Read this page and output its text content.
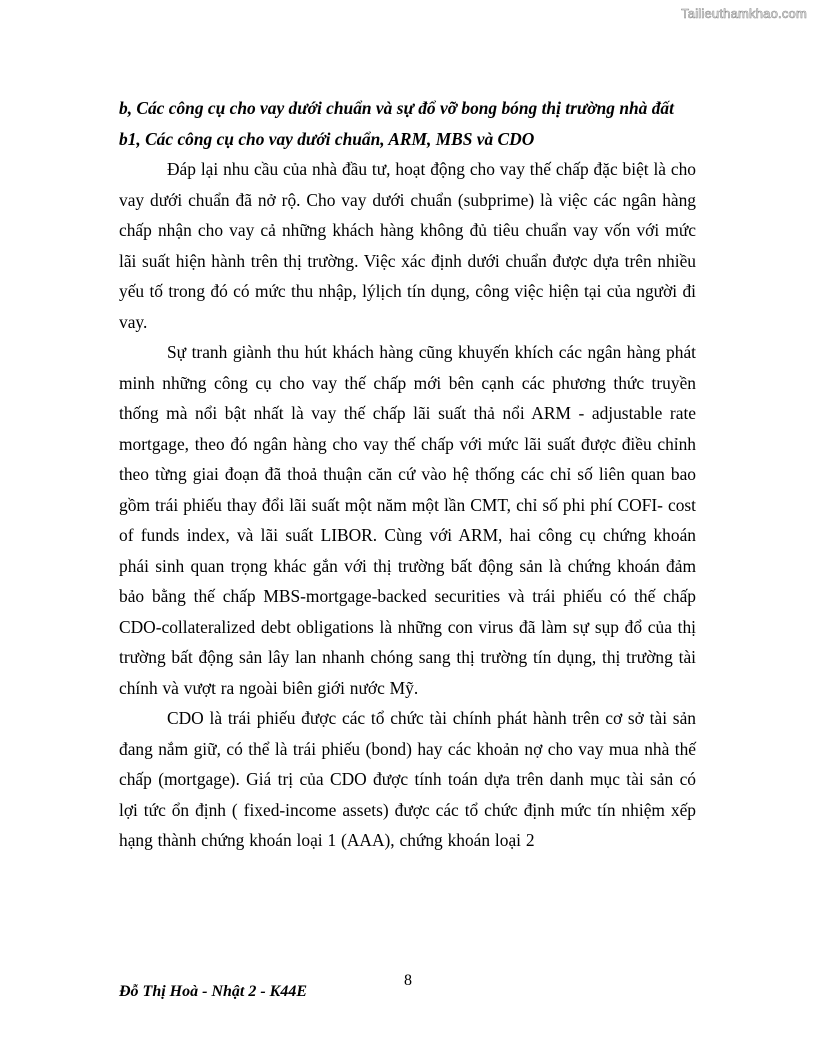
Tailieuthamkhao.com

b, Các công cụ cho vay dưới chuẩn và sự đổ vỡ bong bóng thị trường nhà đất

b1, Các công cụ cho vay dưới chuẩn, ARM, MBS và CDO

Đáp lại nhu cầu của nhà đầu tư, hoạt động cho vay thế chấp đặc biệt là cho vay dưới chuẩn đã nở rộ. Cho vay dưới chuẩn (subprime) là việc các ngân hàng chấp nhận cho vay cả những khách hàng không đủ tiêu chuẩn vay vốn với mức lãi suất hiện hành trên thị trường. Việc xác định dưới chuẩn được dựa trên nhiều yếu tố trong đó có mức thu nhập, lýlịch tín dụng, công việc hiện tại của người đi vay.

Sự tranh giành thu hút khách hàng cũng khuyến khích các ngân hàng phát minh những công cụ cho vay thế chấp mới bên cạnh các phương thức truyền thống mà nổi bật nhất là vay thế chấp lãi suất thả nổi ARM - adjustable rate mortgage, theo đó ngân hàng cho vay thế chấp với mức lãi suất được điều chỉnh theo từng giai đoạn đã thoả thuận căn cứ vào hệ thống các chỉ số liên quan bao gồm trái phiếu thay đổi lãi suất một năm một lần CMT, chỉ số phi phí COFI- cost of funds index, và lãi suất LIBOR. Cùng với ARM, hai công cụ chứng khoán phái sinh quan trọng khác gắn với thị trường bất động sản là chứng khoán đảm bảo bằng thế chấp MBS-mortgage-backed securities và trái phiếu có thế chấp CDO-collateralized debt obligations là những con virus đã làm sự sụp đổ của thị trường bất động sản lây lan nhanh chóng sang thị trường tín dụng, thị trường tài chính và vượt ra ngoài biên giới nước Mỹ.

CDO là trái phiếu được các tổ chức tài chính phát hành trên cơ sở tài sản đang nắm giữ, có thể là trái phiếu (bond) hay các khoản nợ cho vay mua nhà thế chấp (mortgage). Giá trị của CDO được tính toán dựa trên danh mục tài sản có lợi tức ổn định ( fixed-income assets) được các tổ chức định mức tín nhiệm xếp hạng thành chứng khoán loại 1 (AAA), chứng khoán loại 2

8
Đỗ Thị Hoà - Nhật 2 - K44E
